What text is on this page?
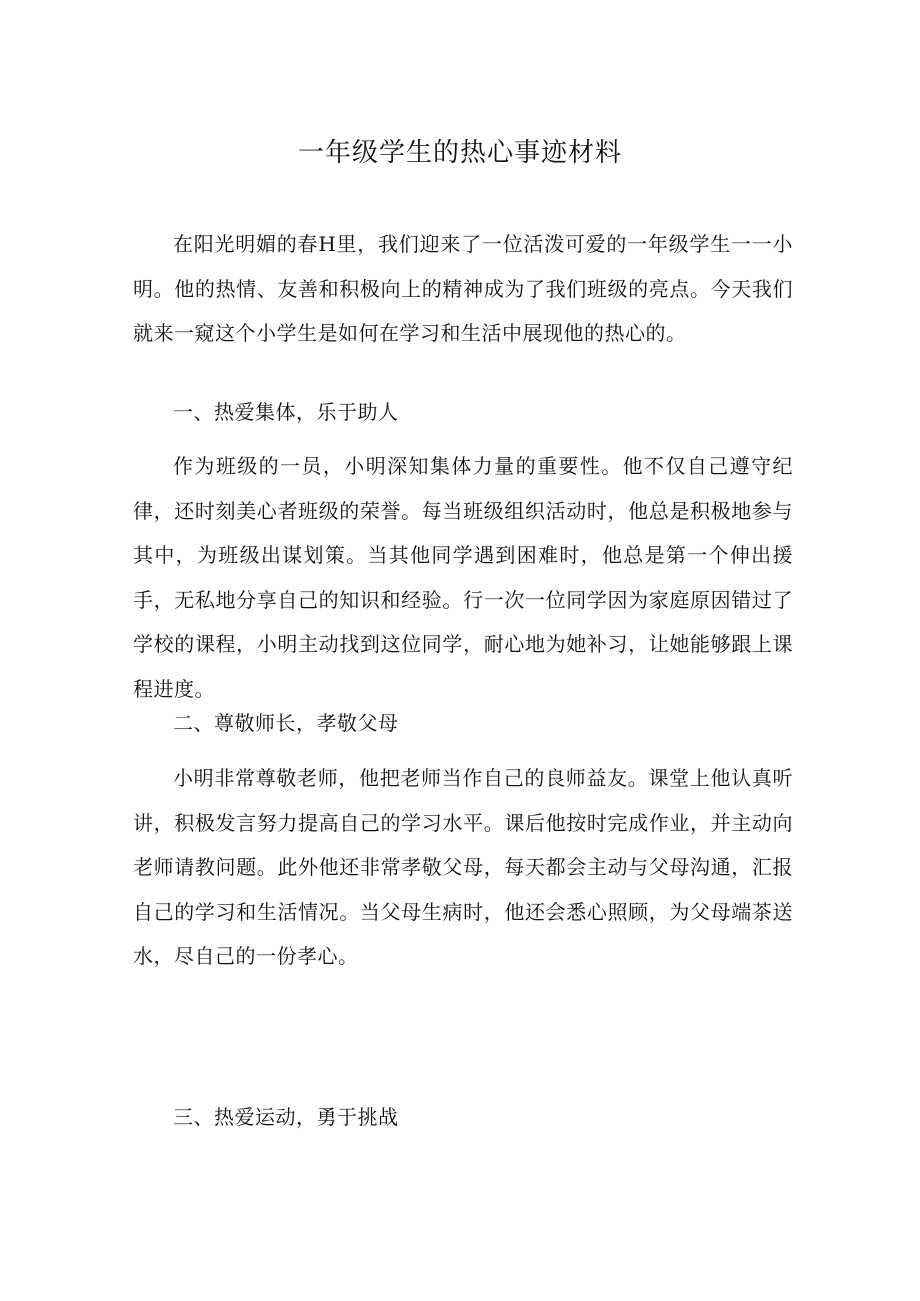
一年级学生的热心事迹材料

在阳光明媚的春H里，我们迎来了一位活泼可爱的一年级学生一一小明。他的热情、友善和积极向上的精神成为了我们班级的亮点。今天我们就来一窥这个小学生是如何在学习和生活中展现他的热心的。

一、热爱集体，乐于助人

作为班级的一员，小明深知集体力量的重要性。他不仅自己遵守纪律，还时刻美心者班级的荣誉。每当班级组织活动时，他总是积极地参与其中，为班级出谋划策。当其他同学遇到困难时，他总是第一个伸出援手，无私地分享自己的知识和经验。行一次一位同学因为家庭原因错过了学校的课程，小明主动找到这位同学，耐心地为她补习，让她能够跟上课程进度。

二、尊敬师长，孝敬父母

小明非常尊敬老师，他把老师当作自己的良师益友。课堂上他认真听讲，积极发言努力提高自己的学习水平。课后他按时完成作业，并主动向老师请教问题。此外他还非常孝敬父母，每天都会主动与父母沟通，汇报自己的学习和生活情况。当父母生病时，他还会悉心照顾，为父母端茶送水，尽自己的一份孝心。

三、热爱运动，勇于挑战
